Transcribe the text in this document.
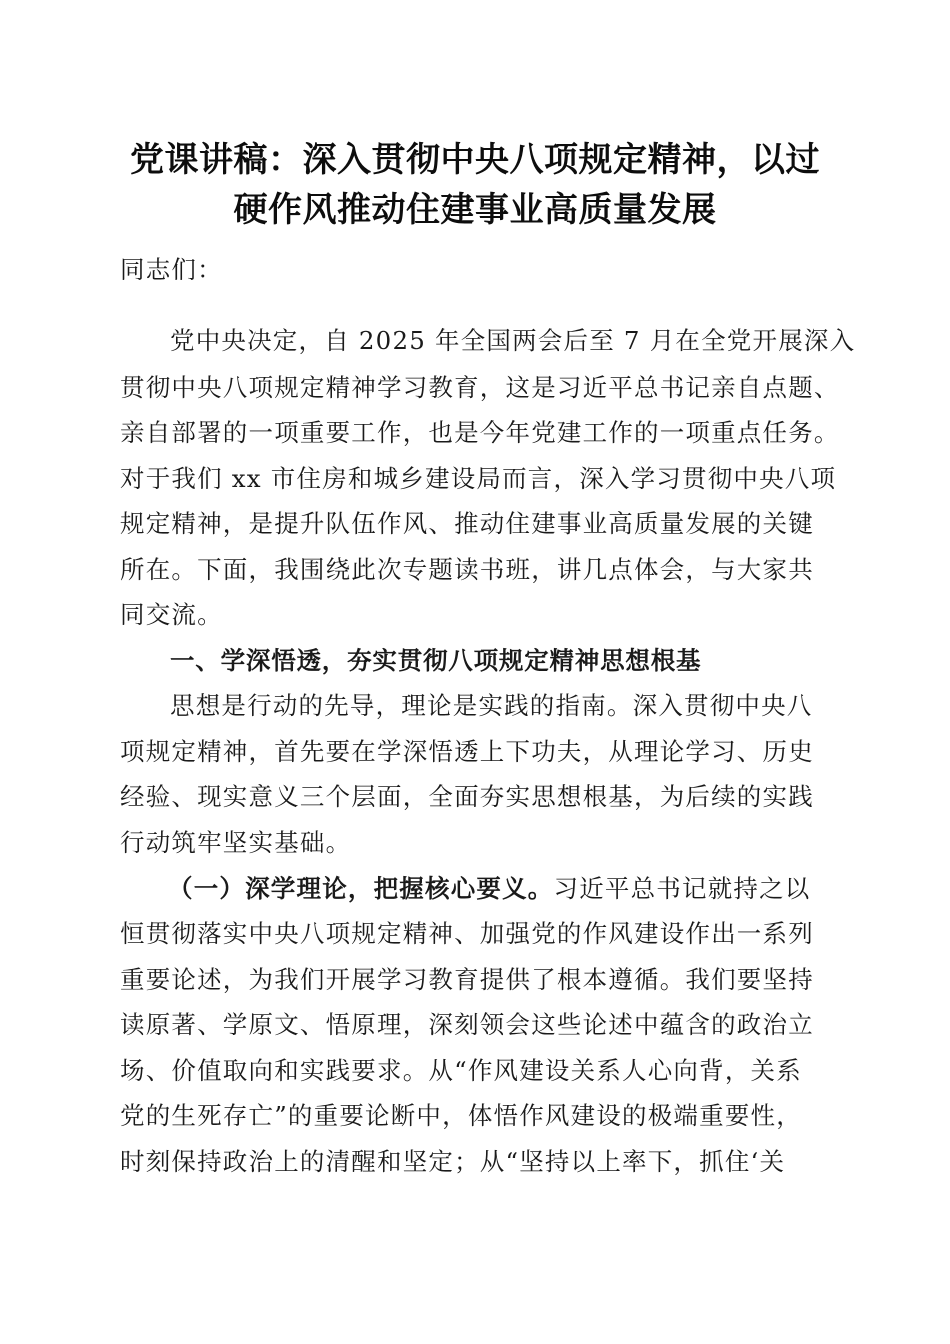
党课讲稿：深入贯彻中央八项规定精神，以过
硬作风推动住建事业高质量发展
同志们：
党中央决定，自 2025 年全国两会后至 7 月在全党开展深入
贯彻中央八项规定精神学习教育，这是习近平总书记亲自点题、
亲自部署的一项重要工作，也是今年党建工作的一项重点任务。
对于我们 xx 市住房和城乡建设局而言，深入学习贯彻中央八项
规定精神，是提升队伍作风、推动住建事业高质量发展的关键
所在。下面，我围绕此次专题读书班，讲几点体会，与大家共
同交流。
一、学深悟透，夯实贯彻八项规定精神思想根基
思想是行动的先导，理论是实践的指南。深入贯彻中央八
项规定精神，首先要在学深悟透上下功夫，从理论学习、历史
经验、现实意义三个层面，全面夯实思想根基，为后续的实践
行动筑牢坚实基础。
（一）深学理论，把握核心要义。习近平总书记就持之以
恒贯彻落实中央八项规定精神、加强党的作风建设作出一系列
重要论述，为我们开展学习教育提供了根本遵循。我们要坚持
读原著、学原文、悟原理，深刻领会这些论述中蕴含的政治立
场、价值取向和实践要求。从“作风建设关系人心向背，关系
党的生死存亡”的重要论断中，体悟作风建设的极端重要性，
时刻保持政治上的清醒和坚定；从“坚持以上率下，抓住‘关
